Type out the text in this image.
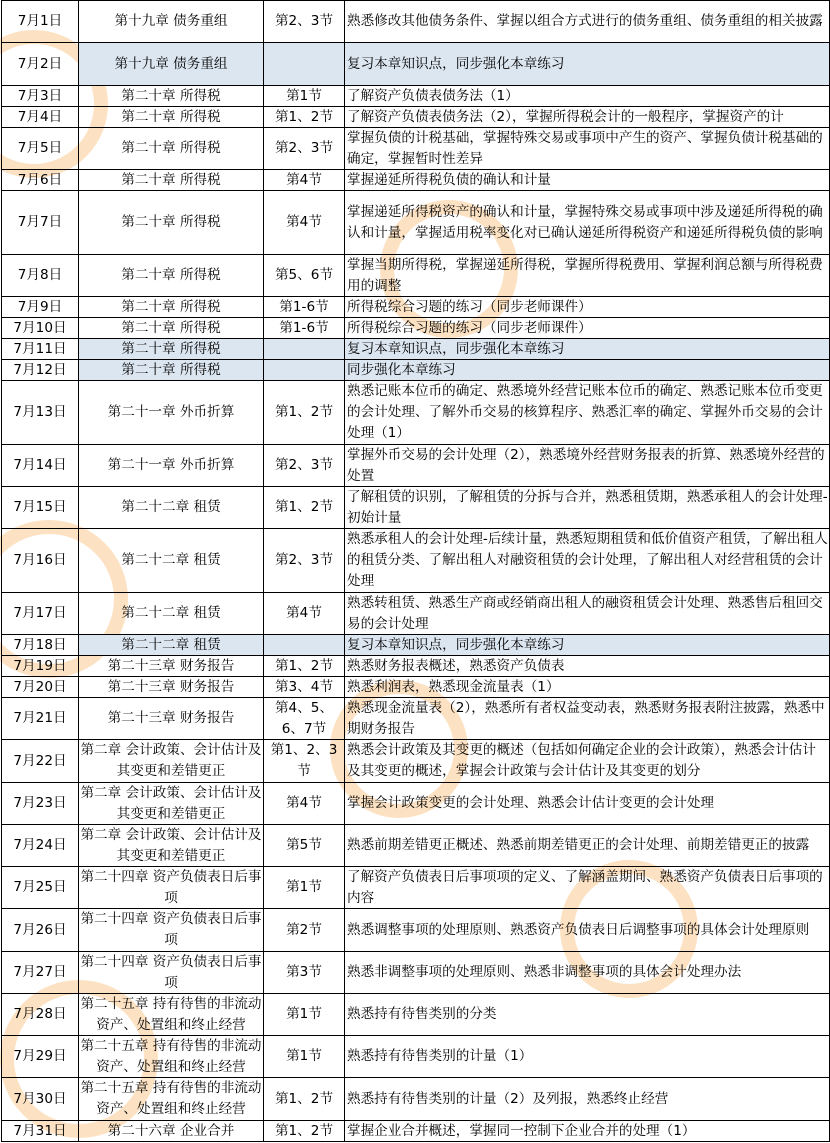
7月1日	第十九章 债务重组	第2、3节	熟悉修改其他债务条件、掌握以组合方式进行的债务重组、债务重组的相关披露

7月2日	第十九章 债务重组		复习本章知识点，同步强化本章练习

7月3日	第二十章 所得税	第1节	了解资产负债表债务法（1）

7月4日	第二十章 所得税	第1、2节	了解资产负债表债务法（2），掌握所得税会计的一般程序，掌握资产的计

7月5日	第二十章 所得税	第2、3节	掌握负债的计税基础，掌握特殊交易或事项中产生的资产、掌握负债计税基础的确定，掌握暂时性差异

7月6日	第二十章 所得税	第4节	掌握递延所得税负债的确认和计量

7月7日	第二十章 所得税	第4节	掌握递延所得税资产的确认和计量，掌握特殊交易或事项中涉及递延所得税的确认和计量，掌握适用税率变化对已确认递延所得税资产和递延所得税负债的影响

7月8日	第二十章 所得税	第5、6节	掌握当期所得税，掌握递延所得税，掌握所得税费用、掌握利润总额与所得税费用的调整

7月9日	第二十章 所得税	第1-6节	所得税综合习题的练习（同步老师课件）

7月10日	第二十章 所得税	第1-6节	所得税综合习题的练习（同步老师课件）

7月11日	第二十章 所得税		复习本章知识点，同步强化本章练习

7月12日	第二十章 所得税		同步强化本章练习

7月13日	第二十一章 外币折算	第1、2节	熟悉记账本位币的确定、熟悉境外经营记账本位币的确定、熟悉记账本位币变更的会计处理、了解外币交易的核算程序、熟悉汇率的确定、掌握外币交易的会计处理（1）

7月14日	第二十一章 外币折算	第2、3节	掌握外币交易的会计处理（2），熟悉境外经营财务报表的折算、熟悉境外经营的处置

7月15日	第二十二章 租赁	第1、2节	了解租赁的识别，了解租赁的分拆与合并，熟悉租赁期，熟悉承租人的会计处理-初始计量

7月16日	第二十二章 租赁	第2、3节	熟悉承租人的会计处理-后续计量，熟悉短期租赁和低价值资产租赁，了解出租人的租赁分类、了解出租人对融资租赁的会计处理，了解出租人对经营租赁的会计处理

7月17日	第二十二章 租赁	第4节	熟悉转租赁、熟悉生产商或经销商出租人的融资租赁会计处理、熟悉售后租回交易的会计处理

7月18日	第二十二章 租赁		复习本章知识点，同步强化本章练习

7月19日	第二十三章 财务报告	第1、2节	熟悉财务报表概述，熟悉资产负债表

7月20日	第二十三章 财务报告	第3、4节	熟悉利润表，熟悉现金流量表（1）

7月21日	第二十三章 财务报告	第4、5、6、7节	熟悉现金流量表（2），熟悉所有者权益变动表，熟悉财务报表附注披露，熟悉中期财务报告

7月22日	第二章 会计政策、会计估计及其变更和差错更正	第1、2、3节	熟悉会计政策及其变更的概述（包括如何确定企业的会计政策），熟悉会计估计及其变更的概述，掌握会计政策与会计估计及其变更的划分

7月23日	第二章 会计政策、会计估计及其变更和差错更正	第4节	掌握会计政策变更的会计处理、熟悉会计估计变更的会计处理

7月24日	第二章 会计政策、会计估计及其变更和差错更正	第5节	熟悉前期差错更正概述、熟悉前期差错更正的会计处理、前期差错更正的披露

7月25日	第二十四章 资产负债表日后事项	第1节	了解资产负债表日后事项项的定义、了解涵盖期间、熟悉资产负债表日后事项的内容

7月26日	第二十四章 资产负债表日后事项	第2节	熟悉调整事项的处理原则、熟悉资产负债表日后调整事项的具体会计处理原则

7月27日	第二十四章 资产负债表日后事项	第3节	熟悉非调整事项的处理原则、熟悉非调整事项的具体会计处理办法

7月28日	第二十五章 持有待售的非流动资产、处置组和终止经营	第1节	熟悉持有待售类别的分类

7月29日	第二十五章 持有待售的非流动资产、处置组和终止经营	第1节	熟悉持有待售类别的计量（1）

7月30日	第二十五章 持有待售的非流动资产、处置组和终止经营	第1、2节	熟悉持有待售类别的计量（2）及列报，熟悉终止经营

7月31日	第二十六章 企业合并	第1、2节	掌握企业合并概述，掌握同一控制下企业合并的处理（1）
